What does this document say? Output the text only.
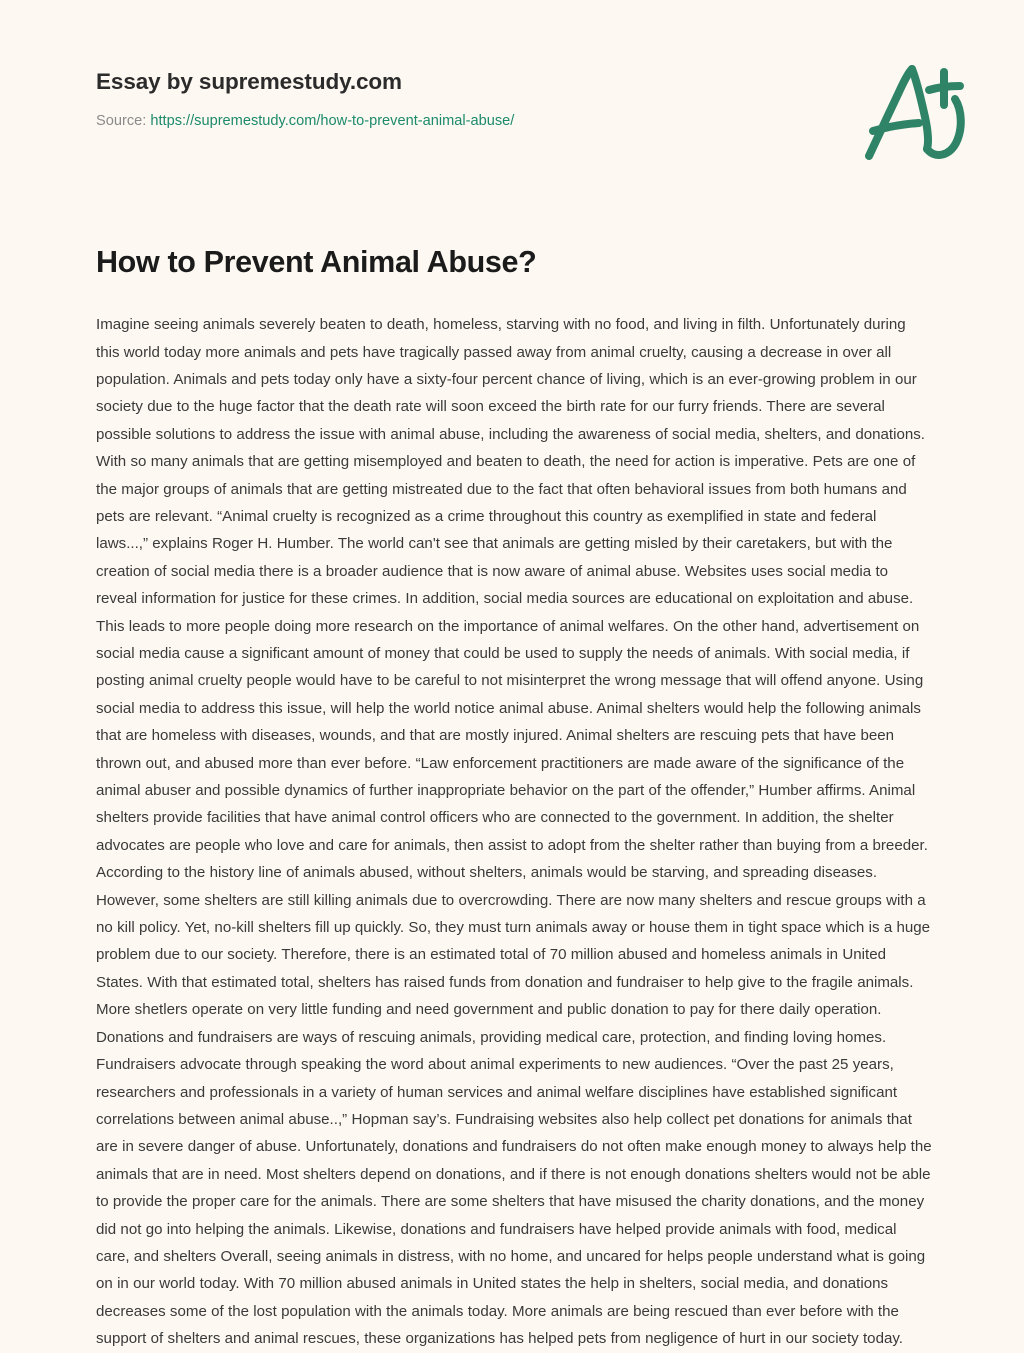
Essay by supremestudy.com
Source: https://supremestudy.com/how-to-prevent-animal-abuse/
How to Prevent Animal Abuse?

Imagine seeing animals severely beaten to death, homeless, starving with no food, and living in filth. Unfortunately during this world today more animals and pets have tragically passed away from animal cruelty, causing a decrease in over all population. Animals and pets today only have a sixty-four percent chance of living, which is an ever-growing problem in our society due to the huge factor that the death rate will soon exceed the birth rate for our furry friends. There are several possible solutions to address the issue with animal abuse, including the awareness of social media, shelters, and donations. With so many animals that are getting misemployed and beaten to death, the need for action is imperative. Pets are one of the major groups of animals that are getting mistreated due to the fact that often behavioral issues from both humans and pets are relevant. “Animal cruelty is recognized as a crime throughout this country as exemplified in state and federal laws...,” explains Roger H. Humber. The world can't see that animals are getting misled by their caretakers, but with the creation of social media there is a broader audience that is now aware of animal abuse. Websites uses social media to reveal information for justice for these crimes. In addition, social media sources are educational on exploitation and abuse. This leads to more people doing more research on the importance of animal welfares. On the other hand, advertisement on social media cause a significant amount of money that could be used to supply the needs of animals. With social media, if posting animal cruelty people would have to be careful to not misinterpret the wrong message that will offend anyone. Using social media to address this issue, will help the world notice animal abuse. Animal shelters would help the following animals that are homeless with diseases, wounds, and that are mostly injured. Animal shelters are rescuing pets that have been thrown out, and abused more than ever before. “Law enforcement practitioners are made aware of the significance of the animal abuser and possible dynamics of further inappropriate behavior on the part of the offender,” Humber affirms. Animal shelters provide facilities that have animal control officers who are connected to the government. In addition, the shelter advocates are people who love and care for animals, then assist to adopt from the shelter rather than buying from a breeder. According to the history line of animals abused, without shelters, animals would be starving, and spreading diseases. However, some shelters are still killing animals due to overcrowding. There are now many shelters and rescue groups with a no kill policy. Yet, no-kill shelters fill up quickly. So, they must turn animals away or house them in tight space which is a huge problem due to our society. Therefore, there is an estimated total of 70 million abused and homeless animals in United States. With that estimated total, shelters has raised funds from donation and fundraiser to help give to the fragile animals. More shetlers operate on very little funding and need government and public donation to pay for there daily operation. Donations and fundraisers are ways of rescuing animals, providing medical care, protection, and finding loving homes. Fundraisers advocate through speaking the word about animal experiments to new audiences. “Over the past 25 years, researchers and professionals in a variety of human services and animal welfare disciplines have established significant correlations between animal abuse..,” Hopman say’s. Fundraising websites also help collect pet donations for animals that are in severe danger of abuse. Unfortunately, donations and fundraisers do not often make enough money to always help the animals that are in need. Most shelters depend on donations, and if there is not enough donations shelters would not be able to provide the proper care for the animals. There are some shelters that have misused the charity donations, and the money did not go into helping the animals. Likewise, donations and fundraisers have helped provide animals with food, medical care, and shelters Overall, seeing animals in distress, with no home, and uncared for helps people understand what is going on in our world today. With 70 million abused animals in United states the help in shelters, social media, and donations decreases some of the lost population with the animals today. More animals are being rescued than ever before with the support of shelters and animal rescues, these organizations has helped pets from negligence of hurt in our society today.
